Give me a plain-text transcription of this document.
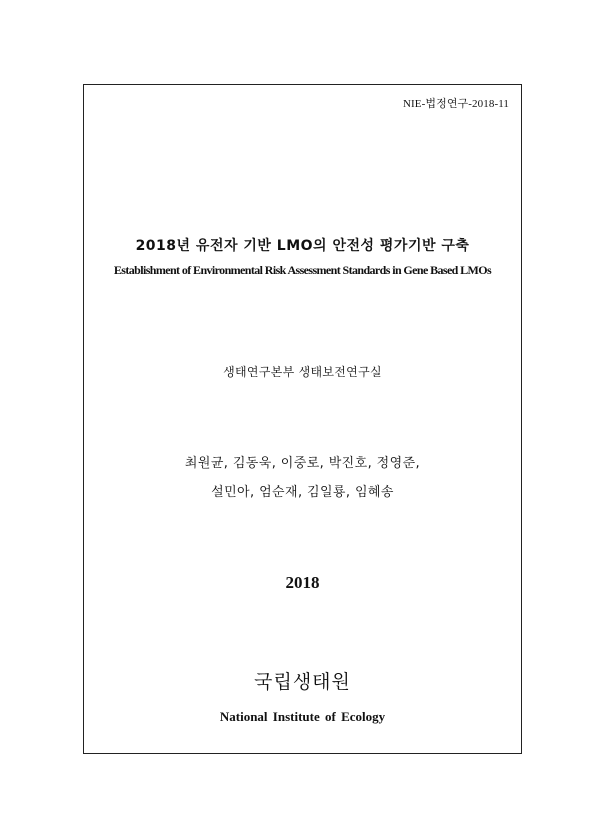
NIE-법정연구-2018-11
2018년 유전자 기반 LMO의 안전성 평가기반 구축
Establishment of Environmental Risk Assessment Standards in Gene Based LMOs
생태연구본부 생태보전연구실
최원균, 김동욱, 이중로, 박진호, 정영준,
설민아, 엄순재, 김일룡, 임혜송
2018
국립생태원
National Institute of Ecology
